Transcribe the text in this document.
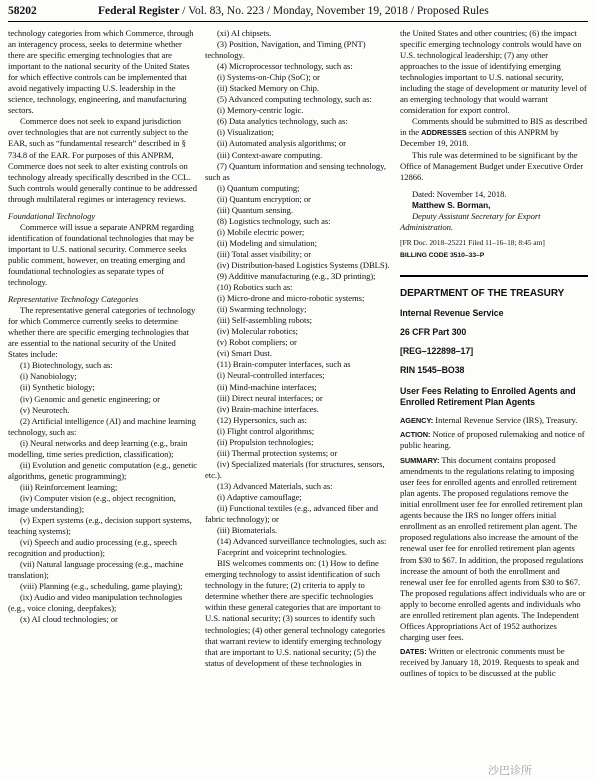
58202	Federal Register / Vol. 83, No. 223 / Monday, November 19, 2018 / Proposed Rules

technology categories from which Commerce, through an interagency process, seeks to determine whether there are specific emerging technologies that are important to the national security of the United States for which effective controls can be implemented that avoid negatively impacting U.S. leadership in the science, technology, engineering, and manufacturing sectors.

Commerce does not seek to expand jurisdiction over technologies that are not currently subject to the EAR, such as “fundamental research” described in § 734.8 of the EAR. For purposes of this ANPRM, Commerce does not seek to alter existing controls on technology already specifically described in the CCL. Such controls would generally continue to be addressed through multilateral regimes or interagency reviews.

Foundational Technology

Commerce will issue a separate ANPRM regarding identification of foundational technologies that may be important to U.S. national security. Commerce seeks public comment, however, on treating emerging and foundational technologies as separate types of technology.

Representative Technology Categories

The representative general categories of technology for which Commerce currently seeks to determine whether there are specific emerging technologies that are essential to the national security of the United States include:

(1) Biotechnology, such as:

(i) Nanobiology;

(ii) Synthetic biology;

(iv) Genomic and genetic engineering; or

(v) Neurotech.

(2) Artificial intelligence (AI) and machine learning technology, such as:

(i) Neural networks and deep learning (e.g., brain modelling, time series prediction, classification);

(ii) Evolution and genetic computation (e.g., genetic algorithms, genetic programming);

(iii) Reinforcement learning;

(iv) Computer vision (e.g., object recognition, image understanding);

(v) Expert systems (e.g., decision support systems, teaching systems);

(vi) Speech and audio processing (e.g., speech recognition and production);

(vii) Natural language processing (e.g., machine translation);

(viii) Planning (e.g., scheduling, game playing);

(ix) Audio and video manipulation technologies (e.g., voice cloning, deepfakes);

(x) AI cloud technologies; or

(xi) AI chipsets.

(3) Position, Navigation, and Timing (PNT) technology.

(4) Microprocessor technology, such as:

(i) Systems-on-Chip (SoC); or

(ii) Stacked Memory on Chip.

(5) Advanced computing technology, such as:

(i) Memory-centric logic.

(6) Data analytics technology, such as:

(i) Visualization;

(ii) Automated analysis algorithms; or

(iii) Context-aware computing.

(7) Quantum information and sensing technology, such as

(i) Quantum computing;

(ii) Quantum encryption; or

(iii) Quantum sensing.

(8) Logistics technology, such as:

(i) Mobile electric power;

(ii) Modeling and simulation;

(iii) Total asset visibility; or

(iv) Distribution-based Logistics Systems (DBLS).

(9) Additive manufacturing (e.g., 3D printing);

(10) Robotics such as:

(i) Micro-drone and micro-robotic systems;

(ii) Swarming technology;

(iii) Self-assembling robots;

(iv) Molecular robotics;

(v) Robot compliers; or

(vi) Smart Dust.

(11) Brain-computer interfaces, such as

(i) Neural-controlled interfaces;

(ii) Mind-machine interfaces;

(iii) Direct neural interfaces; or

(iv) Brain-machine interfaces.

(12) Hypersonics, such as:

(i) Flight control algorithms;

(ii) Propulsion technologies;

(iii) Thermal protection systems; or

(iv) Specialized materials (for structures, sensors, etc.).

(13) Advanced Materials, such as:

(i) Adaptive camouflage;

(ii) Functional textiles (e.g., advanced fiber and fabric technology); or

(iii) Biomaterials.

(14) Advanced surveillance technologies, such as:

Faceprint and voiceprint technologies.

BIS welcomes comments on: (1) How to define emerging technology to assist identification of such technology in the future; (2) criteria to apply to determine whether there are specific technologies within these general categories that are important to U.S. national security; (3) sources to identify such technologies; (4) other general technology categories that warrant review to identify emerging technology that are important to U.S. national security; (5) the status of development of these technologies in

the United States and other countries; (6) the impact specific emerging technology controls would have on U.S. technological leadership; (7) any other approaches to the issue of identifying emerging technologies important to U.S. national security, including the stage of development or maturity level of an emerging technology that would warrant consideration for export control.

Comments should be submitted to BIS as described in the ADDRESSES section of this ANPRM by December 19, 2018.

This rule was determined to be significant by the Office of Management Budget under Executive Order 12866.

Dated: November 14, 2018.

Matthew S. Borman,

Deputy Assistant Secretary for Export Administration.

[FR Doc. 2018–25221 Filed 11–16–18; 8:45 am]

BILLING CODE 3510–33–P

DEPARTMENT OF THE TREASURY

Internal Revenue Service

26 CFR Part 300

[REG–122898–17]

RIN 1545–BO38

User Fees Relating to Enrolled Agents and Enrolled Retirement Plan Agents

AGENCY: Internal Revenue Service (IRS), Treasury.

ACTION: Notice of proposed rulemaking and notice of public hearing.

SUMMARY: This document contains proposed amendments to the regulations relating to imposing user fees for enrolled agents and enrolled retirement plan agents. The proposed regulations remove the initial enrollment user fee for enrolled retirement plan agents because the IRS no longer offers initial enrollment as an enrolled retirement plan agent. The proposed regulations also increase the amount of the renewal user fee for enrolled retirement plan agents from $30 to $67. In addition, the proposed regulations increase the amount of both the enrollment and renewal user fee for enrolled agents from $30 to $67. The proposed regulations affect individuals who are or apply to become enrolled agents and individuals who are enrolled retirement plan agents. The Independent Offices Appropriations Act of 1952 authorizes charging user fees.

DATES: Written or electronic comments must be received by January 18, 2019. Requests to speak and outlines of topics to be discussed at the public

沙巴诊所
